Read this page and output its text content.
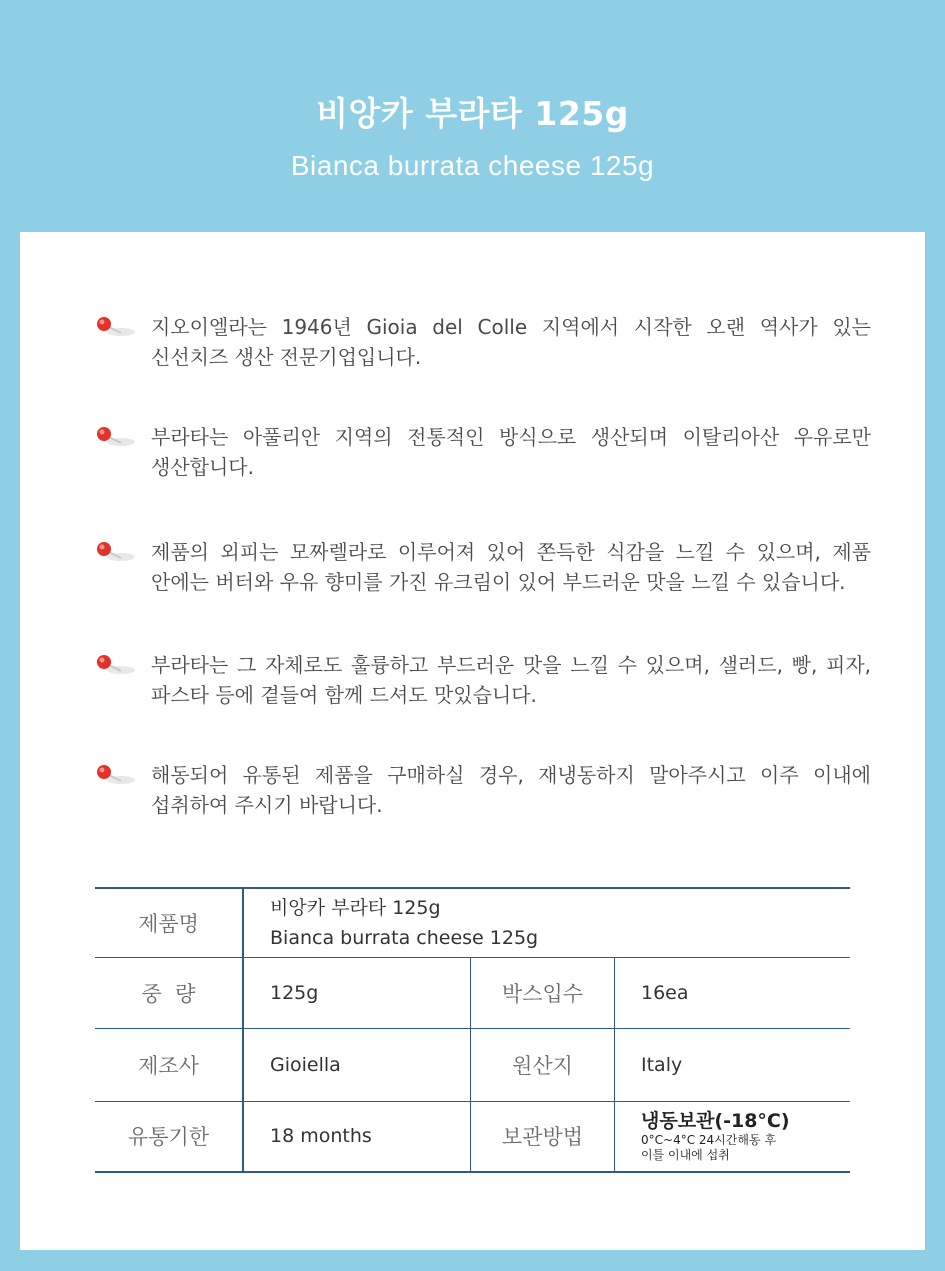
비앙카 부라타 125g
Bianca burrata cheese 125g
지오이엘라는 1946년 Gioia del Colle 지역에서 시작한 오랜 역사가 있는 신선치즈 생산 전문기업입니다.
부라타는 아풀리안 지역의 전통적인 방식으로 생산되며 이탈리아산 우유로만 생산합니다.
제품의 외피는 모짜렐라로 이루어져 있어 쫀득한 식감을 느낄 수 있으며, 제품 안에는 버터와 우유 향미를 가진 유크림이 있어 부드러운 맛을 느낄 수 있습니다.
부라타는 그 자체로도 훌륭하고 부드러운 맛을 느낄 수 있으며, 샐러드, 빵, 피자, 파스타 등에 곁들여 함께 드셔도 맛있습니다.
해동되어 유통된 제품을 구매하실 경우, 재냉동하지 말아주시고 이주 이내에 섭취하여 주시기 바랍니다.
제품명	비앙카 부라타 125g
Bianca burrata cheese 125g		

중  량	125g	박스입수	16ea
제조사	Gioiella	원산지	Italy
유통기한	18 months	보관방법	냉동보관(-18°C)
0°C~4°C 24시간해동 후
이틀 이내에 섭취
